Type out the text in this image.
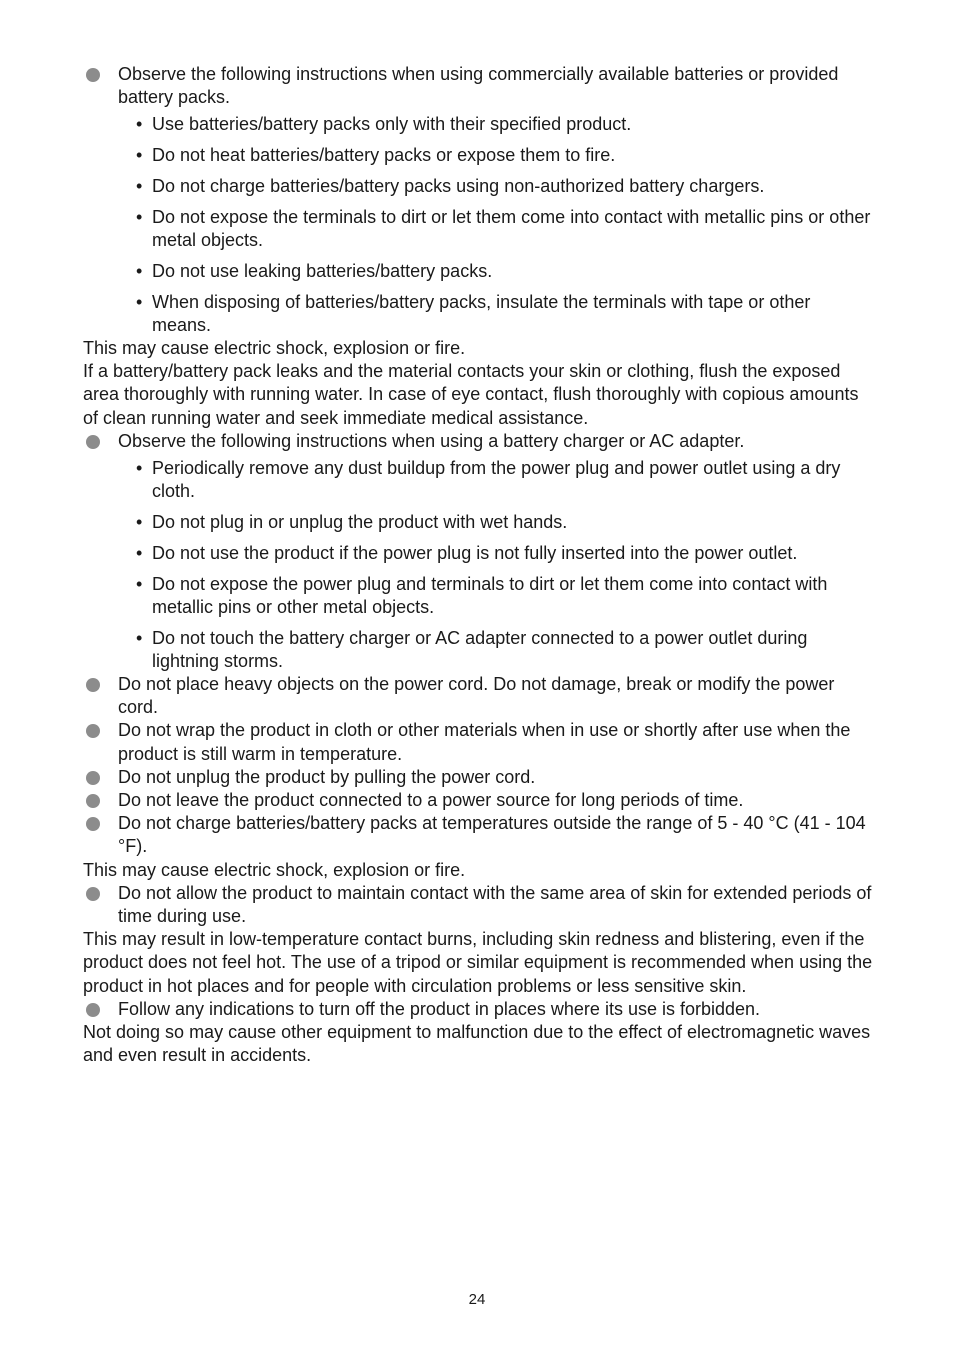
Observe the following instructions when using commercially available batteries or provided battery packs.
• Use batteries/battery packs only with their specified product.
• Do not heat batteries/battery packs or expose them to fire.
• Do not charge batteries/battery packs using non-authorized battery chargers.
• Do not expose the terminals to dirt or let them come into contact with metallic pins or other metal objects.
• Do not use leaking batteries/battery packs.
• When disposing of batteries/battery packs, insulate the terminals with tape or other means.

This may cause electric shock, explosion or fire.

If a battery/battery pack leaks and the material contacts your skin or clothing, flush the exposed area thoroughly with running water. In case of eye contact, flush thoroughly with copious amounts of clean running water and seek immediate medical assistance.

Observe the following instructions when using a battery charger or AC adapter.
• Periodically remove any dust buildup from the power plug and power outlet using a dry cloth.
• Do not plug in or unplug the product with wet hands.
• Do not use the product if the power plug is not fully inserted into the power outlet.
• Do not expose the power plug and terminals to dirt or let them come into contact with metallic pins or other metal objects.
• Do not touch the battery charger or AC adapter connected to a power outlet during lightning storms.
Do not place heavy objects on the power cord. Do not damage, break or modify the power cord.
Do not wrap the product in cloth or other materials when in use or shortly after use when the product is still warm in temperature.
Do not unplug the product by pulling the power cord.
Do not leave the product connected to a power source for long periods of time.
Do not charge batteries/battery packs at temperatures outside the range of 5 - 40 °C (41 - 104 °F).

This may cause electric shock, explosion or fire.

Do not allow the product to maintain contact with the same area of skin for extended periods of time during use.

This may result in low-temperature contact burns, including skin redness and blistering, even if the product does not feel hot. The use of a tripod or similar equipment is recommended when using the product in hot places and for people with circulation problems or less sensitive skin.

Follow any indications to turn off the product in places where its use is forbidden.

Not doing so may cause other equipment to malfunction due to the effect of electromagnetic waves and even result in accidents.

24
